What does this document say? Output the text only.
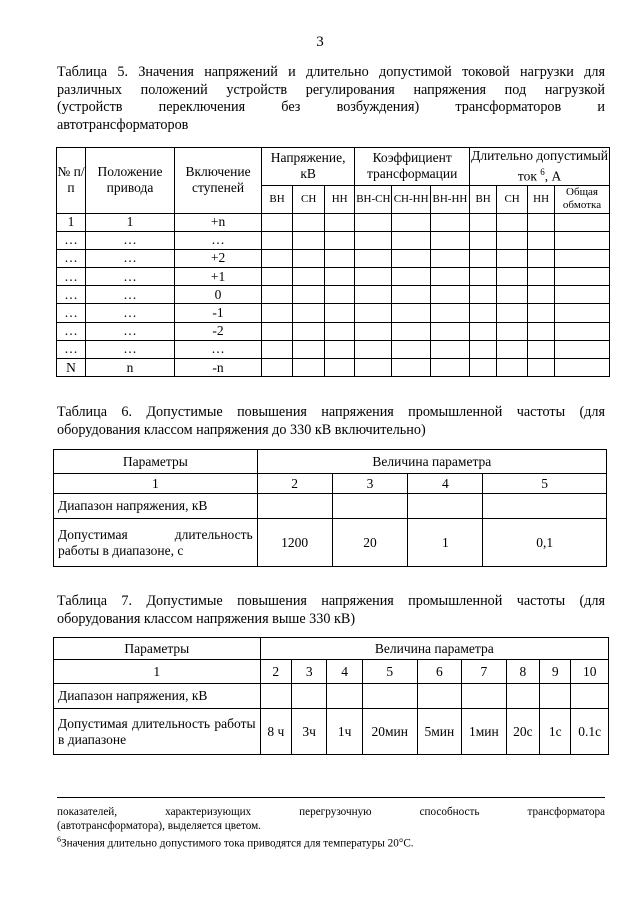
3
Таблица 5. Значения напряжений и длительно допустимой токовой нагрузки для
различных положений устройств регулирования напряжения под нагрузкой
(устройств переключения без возбуждения) трансформаторов и
автотрансформаторов
№ п/п	Положение привода	Включение ступеней	Напряжение, кВ			Коэффициент трансформации			Длительно допустимый ток $^6$, А			
			ВН	СН	НН	ВН-СН	СН-НН	ВН-НН	ВН	СН	НН	Общая обмотка
1	1	+n										
…	…	…										
…	…	+2										
…	…	+1										
…	…	0										
…	…	-1										
…	…	-2										
…	…	…										
N	n	-n										
Таблица 6. Допустимые повышения напряжения промышленной частоты (для
оборудования классом напряжения до 330 кВ включительно)
Параметры	Величина параметра			
1	2	3	4	5
Диапазон напряжения, кВ				
Допустимая длительность работы в диапазоне, с	1200	20	1	0,1
Таблица 7. Допустимые повышения напряжения промышленной частоты (для
оборудования классом напряжения выше 330 кВ)
Параметры	Величина параметра								
1	2	3	4	5	6	7	8	9	10
Диапазон напряжения, кВ									
Допустимая длительность работы в диапазоне	8 ч	3ч	1ч	20мин	5мин	1мин	20с	1с	0.1с
показателей, характеризующих перегрузочную способность трансформатора
(автотрансформатора), выделяется цветом.
$^6$Значения длительно допустимого тока приводятся для температуры 20°С.
